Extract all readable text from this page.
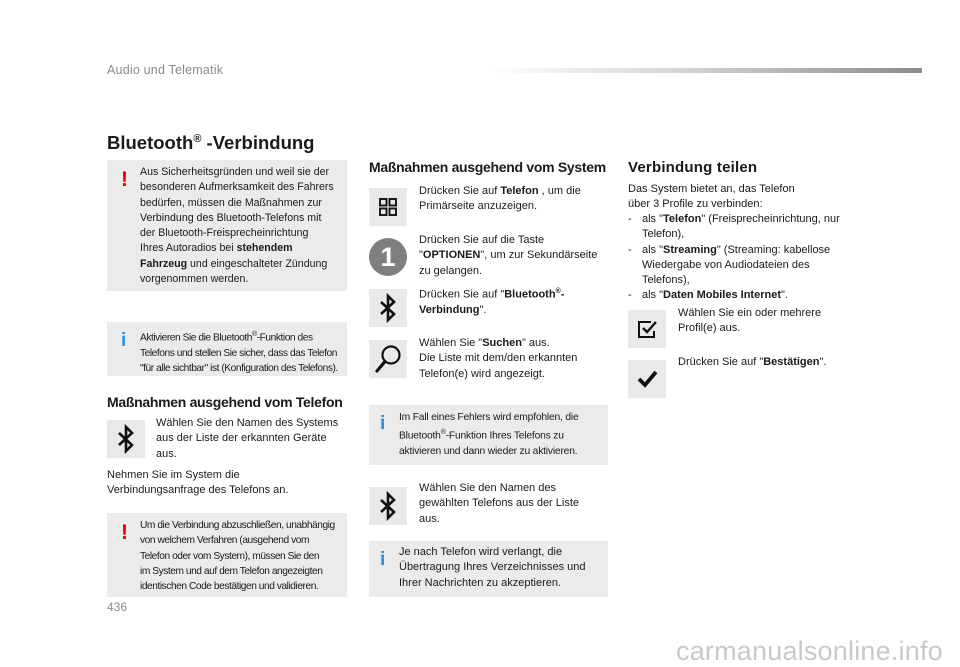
Audio und Telematik
Bluetooth® -Verbindung
! Aus Sicherheitsgründen und weil sie der
besonderen Aufmerksamkeit des Fahrers
bedürfen, müssen die Maßnahmen zur
Verbindung des Bluetooth-Telefons mit
der Bluetooth-Freisprecheinrichtung
Ihres Autoradios bei stehendem
Fahrzeug und eingeschalteter Zündung
vorgenommen werden.
i Aktivieren Sie die Bluetooth®-Funktion des
Telefons und stellen Sie sicher, dass das Telefon
"für alle sichtbar" ist (Konfiguration des Telefons).
Maßnahmen ausgehend vom Telefon
Wählen Sie den Namen des Systems
aus der Liste der erkannten Geräte
aus.
Nehmen Sie im System die
Verbindungsanfrage des Telefons an.
! Um die Verbindung abzuschließen, unabhängig
von welchem Verfahren (ausgehend vom
Telefon oder vom System), müssen Sie den
im System und auf dem Telefon angezeigten
identischen Code bestätigen und validieren.
Maßnahmen ausgehend vom System
Drücken Sie auf Telefon , um die
Primärseite anzuzeigen.
1
Drücken Sie auf die Taste
"OPTIONEN", um zur Sekundärseite
zu gelangen.
Drücken Sie auf "Bluetooth®-
Verbindung".
Wählen Sie "Suchen" aus.
Die Liste mit dem/den erkannten
Telefon(e) wird angezeigt.
i Im Fall eines Fehlers wird empfohlen, die
Bluetooth®-Funktion Ihres Telefons zu
aktivieren und dann wieder zu aktivieren.
Wählen Sie den Namen des
gewählten Telefons aus der Liste
aus.
i Je nach Telefon wird verlangt, die
Übertragung Ihres Verzeichnisses und
Ihrer Nachrichten zu akzeptieren.
Verbindung teilen
Das System bietet an, das Telefon
über 3 Profile zu verbinden:
- als "Telefon" (Freisprecheinrichtung, nur
Telefon),
- als "Streaming" (Streaming: kabellose
Wiedergabe von Audiodateien des
Telefons),
- als "Daten Mobiles Internet".
Wählen Sie ein oder mehrere
Profil(e) aus.
Drücken Sie auf "Bestätigen".
436
carmanualsonline.info
